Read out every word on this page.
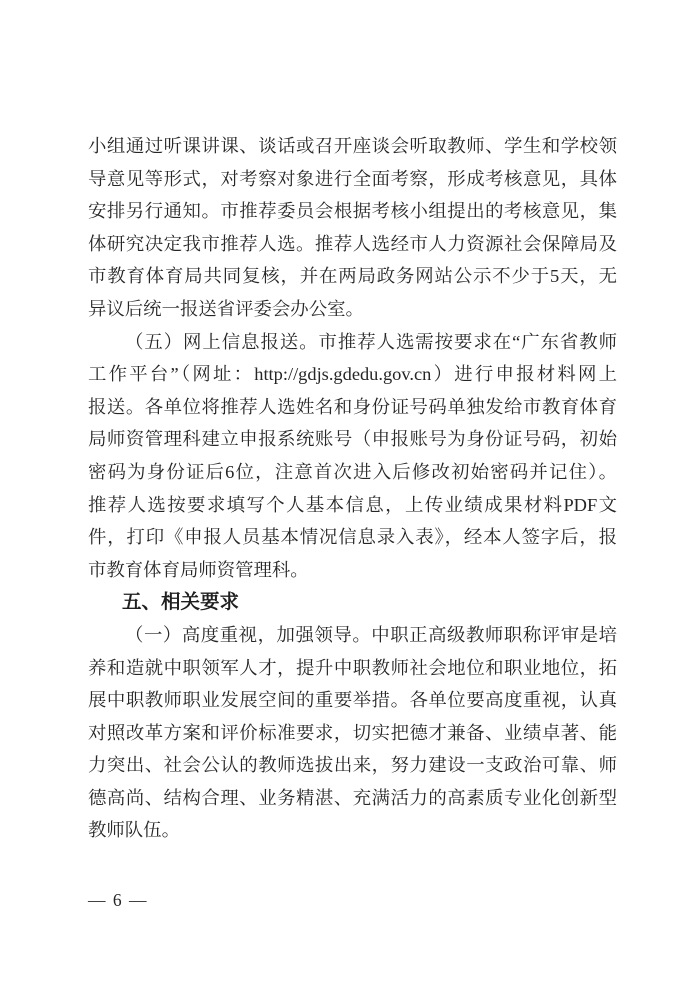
小组通过听课讲课、谈话或召开座谈会听取教师、学生和学校领
导意见等形式，对考察对象进行全面考察，形成考核意见，具体
安排另行通知。市推荐委员会根据考核小组提出的考核意见，集
体研究决定我市推荐人选。推荐人选经市人力资源社会保障局及
市教育体育局共同复核，并在两局政务网站公示不少于5天，无
异议后统一报送省评委会办公室。
（五）网上信息报送。市推荐人选需按要求在“广东省教师
工作平台”（网址：http://gdjs.gdedu.gov.cn）进行申报材料网上
报送。各单位将推荐人选姓名和身份证号码单独发给市教育体育
局师资管理科建立申报系统账号（申报账号为身份证号码，初始
密码为身份证后6位，注意首次进入后修改初始密码并记住）。
推荐人选按要求填写个人基本信息，上传业绩成果材料PDF文
件，打印《申报人员基本情况信息录入表》，经本人签字后，报
市教育体育局师资管理科。
五、相关要求
（一）高度重视，加强领导。中职正高级教师职称评审是培
养和造就中职领军人才，提升中职教师社会地位和职业地位，拓
展中职教师职业发展空间的重要举措。各单位要高度重视，认真
对照改革方案和评价标准要求，切实把德才兼备、业绩卓著、能
力突出、社会公认的教师选拔出来，努力建设一支政治可靠、师
德高尚、结构合理、业务精湛、充满活力的高素质专业化创新型
教师队伍。
— 6 —
